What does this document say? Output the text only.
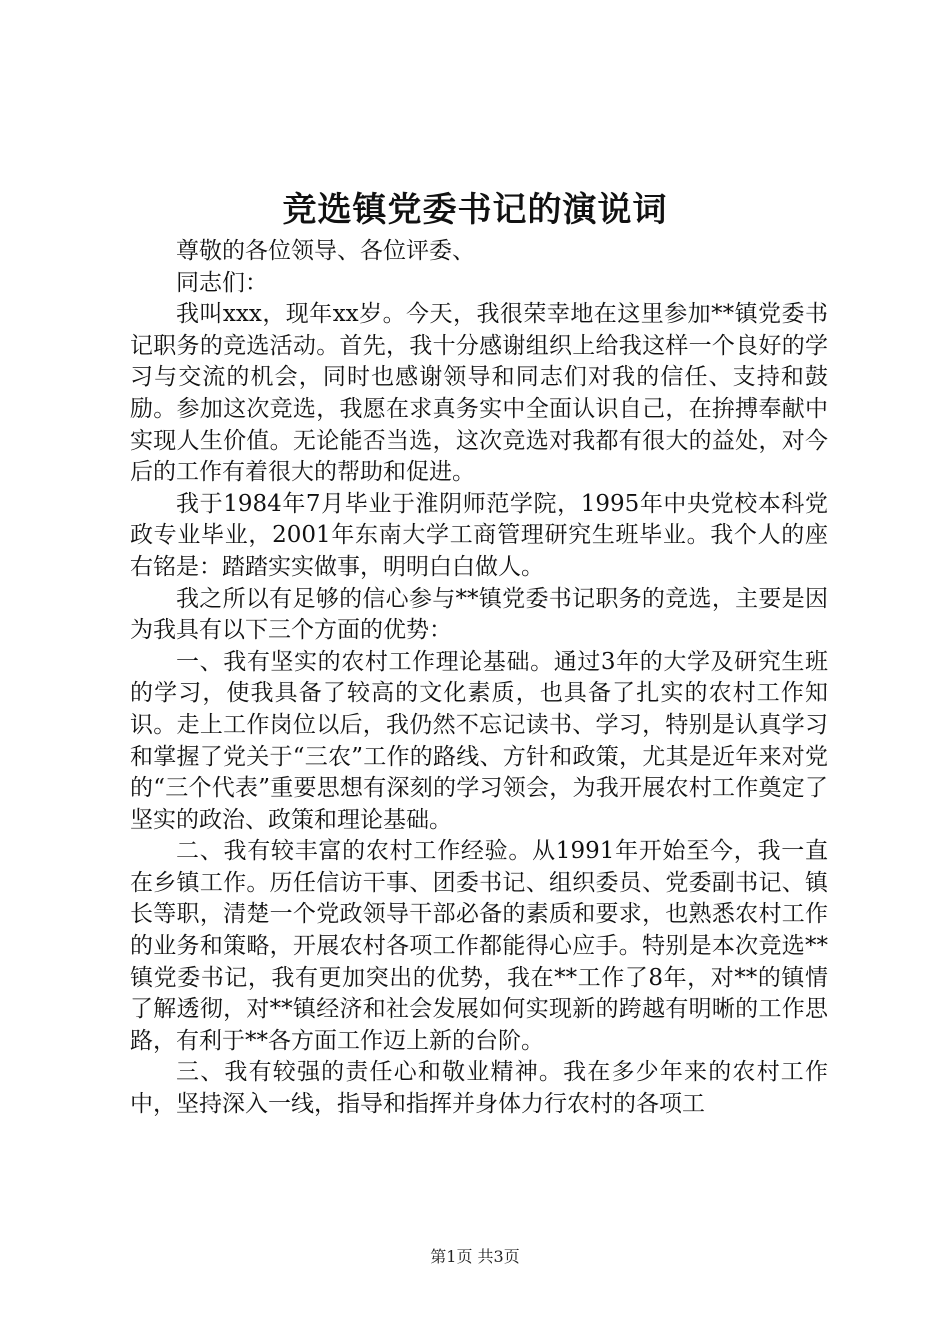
竞选镇党委书记的演说词

尊敬的各位领导、各位评委、

同志们：

我叫xxx，现年xx岁。今天，我很荣幸地在这里参加**镇党委书记职务的竞选活动。首先，我十分感谢组织上给我这样一个良好的学习与交流的机会，同时也感谢领导和同志们对我的信任、支持和鼓励。参加这次竞选，我愿在求真务实中全面认识自己，在拚搏奉献中实现人生价值。无论能否当选，这次竞选对我都有很大的益处，对今后的工作有着很大的帮助和促进。

我于1984年7月毕业于淮阴师范学院，1995年中央党校本科党政专业毕业，2001年东南大学工商管理研究生班毕业。我个人的座右铭是：踏踏实实做事，明明白白做人。

我之所以有足够的信心参与**镇党委书记职务的竞选，主要是因为我具有以下三个方面的优势：

一、我有坚实的农村工作理论基础。通过3年的大学及研究生班的学习，使我具备了较高的文化素质，也具备了扎实的农村工作知识。走上工作岗位以后，我仍然不忘记读书、学习，特别是认真学习和掌握了党关于“三农”工作的路线、方针和政策，尤其是近年来对党的“三个代表”重要思想有深刻的学习领会，为我开展农村工作奠定了坚实的政治、政策和理论基础。

二、我有较丰富的农村工作经验。从1991年开始至今，我一直在乡镇工作。历任信访干事、团委书记、组织委员、党委副书记、镇长等职，清楚一个党政领导干部必备的素质和要求，也熟悉农村工作的业务和策略，开展农村各项工作都能得心应手。特别是本次竞选**镇党委书记，我有更加突出的优势，我在**工作了8年，对**的镇情了解透彻，对**镇经济和社会发展如何实现新的跨越有明晰的工作思路，有利于**各方面工作迈上新的台阶。

三、我有较强的责任心和敬业精神。我在多少年来的农村工作中，坚持深入一线，指导和指挥并身体力行农村的各项工

第1页 共3页
